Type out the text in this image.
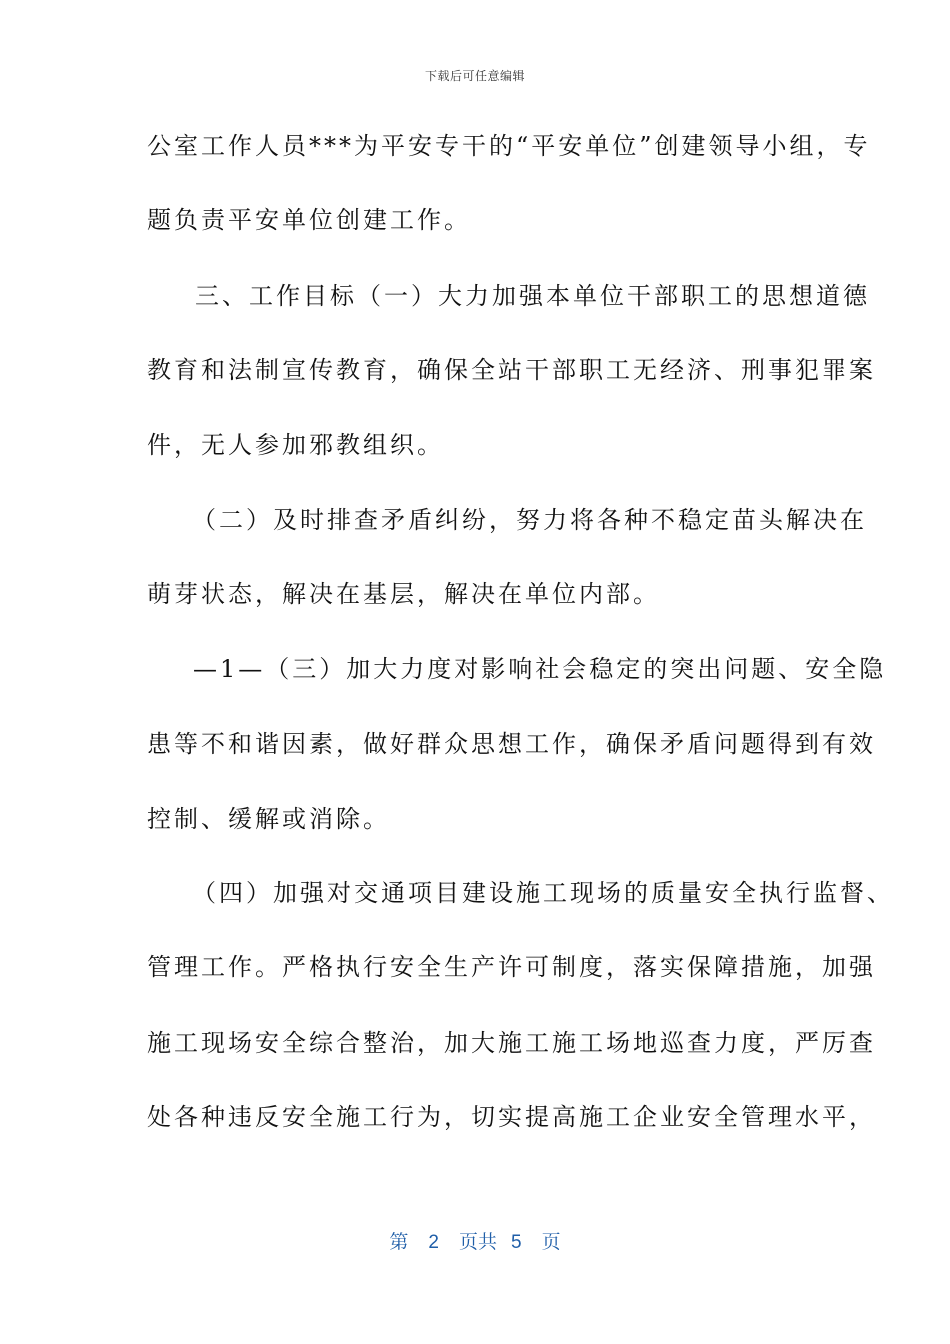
下载后可任意编辑
公室工作人员***为平安专干的“平安单位”创建领导小组，专
题负责平安单位创建工作。
三、工作目标（一）大力加强本单位干部职工的思想道德
教育和法制宣传教育，确保全站干部职工无经济、刑事犯罪案
件，无人参加邪教组织。
（二）及时排查矛盾纠纷，努力将各种不稳定苗头解决在
萌芽状态，解决在基层，解决在单位内部。
—1—（三）加大力度对影响社会稳定的突出问题、安全隐
患等不和谐因素，做好群众思想工作，确保矛盾问题得到有效
控制、缓解或消除。
（四）加强对交通项目建设施工现场的质量安全执行监督、
管理工作。严格执行安全生产许可制度，落实保障措施，加强
施工现场安全综合整治，加大施工施工场地巡查力度，严厉查
处各种违反安全施工行为，切实提高施工企业安全管理水平，
第 2 页共 5 页
